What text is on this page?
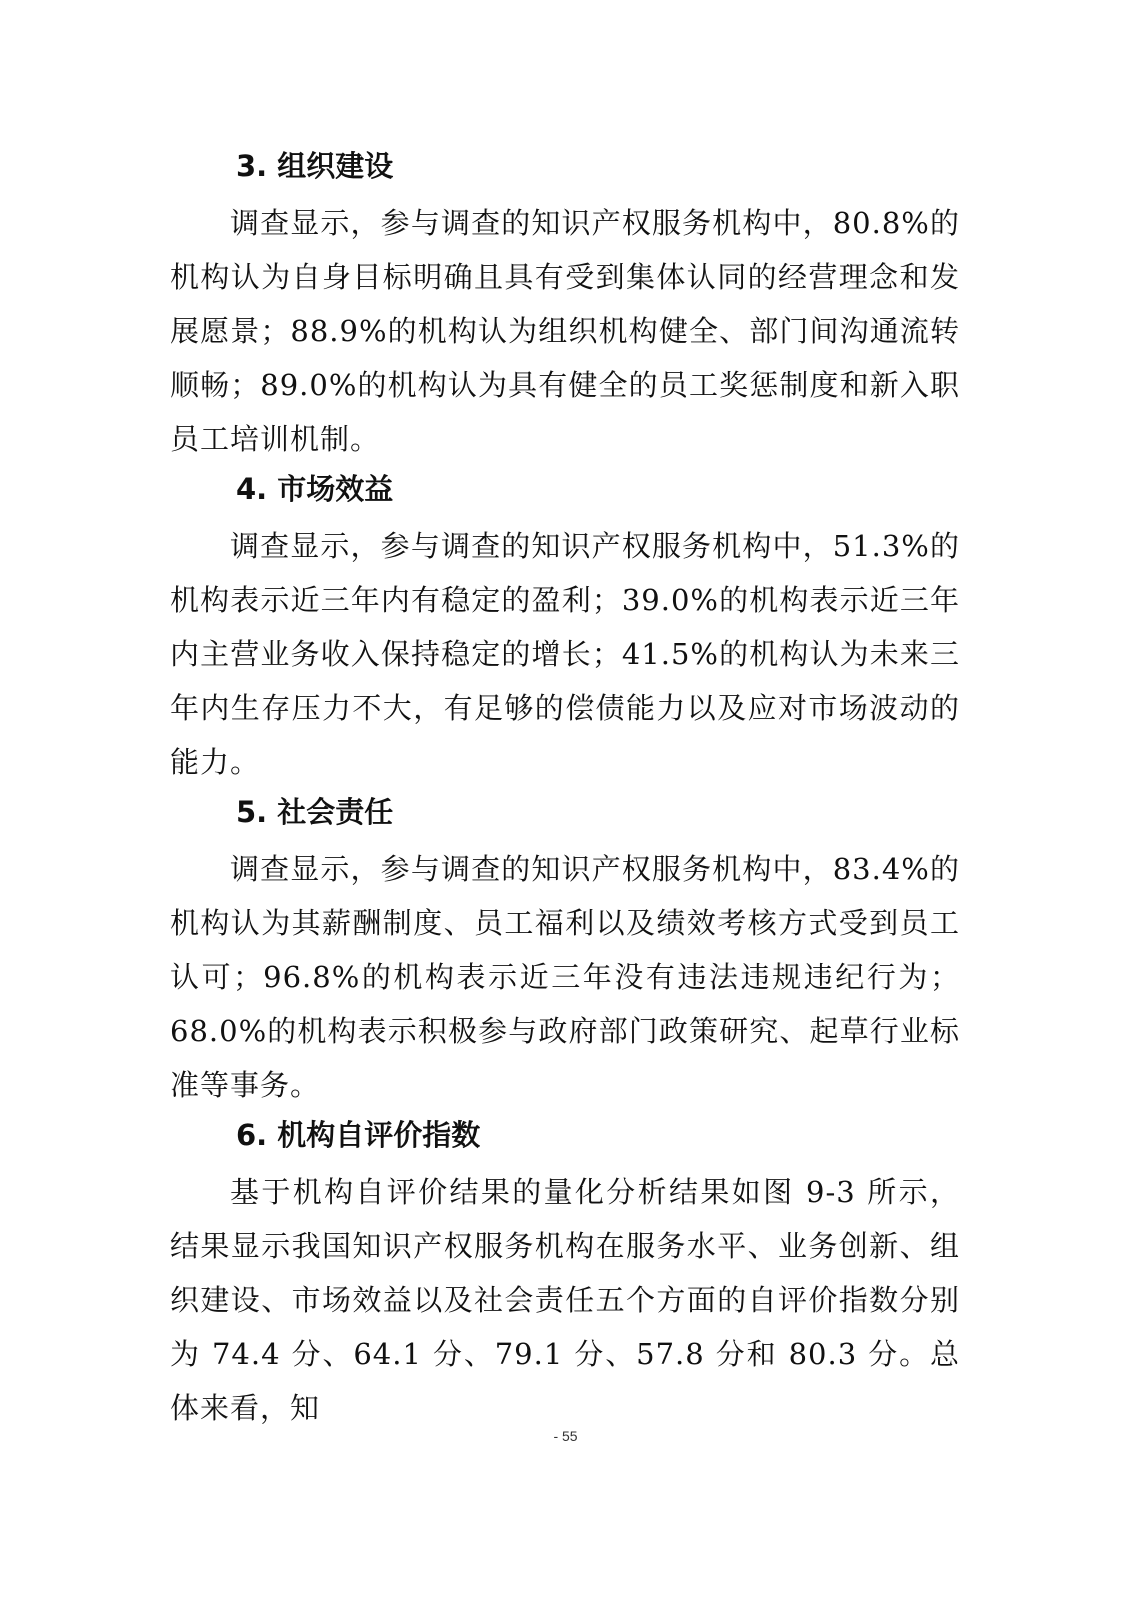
3. 组织建设

调查显示，参与调查的知识产权服务机构中，80.8%的机构认为自身目标明确且具有受到集体认同的经营理念和发展愿景；88.9%的机构认为组织机构健全、部门间沟通流转顺畅；89.0%的机构认为具有健全的员工奖惩制度和新入职员工培训机制。

4. 市场效益

调查显示，参与调查的知识产权服务机构中，51.3%的机构表示近三年内有稳定的盈利；39.0%的机构表示近三年内主营业务收入保持稳定的增长；41.5%的机构认为未来三年内生存压力不大，有足够的偿债能力以及应对市场波动的能力。

5. 社会责任

调查显示，参与调查的知识产权服务机构中，83.4%的机构认为其薪酬制度、员工福利以及绩效考核方式受到员工认可；96.8%的机构表示近三年没有违法违规违纪行为；68.0%的机构表示积极参与政府部门政策研究、起草行业标准等事务。

6. 机构自评价指数

基于机构自评价结果的量化分析结果如图 9-3 所示，结果显示我国知识产权服务机构在服务水平、业务创新、组织建设、市场效益以及社会责任五个方面的自评价指数分别为 74.4 分、64.1 分、79.1 分、57.8 分和 80.3 分。总体来看，知

- 55
